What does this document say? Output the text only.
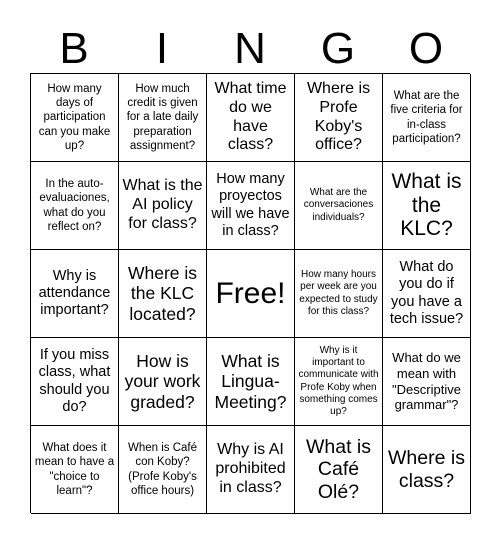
B	I	N	G	O
How many days of participation can you make up?
How much credit is given for a late daily preparation assignment?
What time do we have class?
Where is Profe Koby's office?
What are the five criteria for in-class participation?
In the auto-evaluaciones, what do you reflect on?
What is the AI policy for class?
How many proyectos will we have in class?
What are the conversaciones individuals?
What is the KLC?
Why is attendance important?
Where is the KLC located?
Free!
How many hours per week are you expected to study for this class?
What do you do if you have a tech issue?
If you miss class, what should you do?
How is your work graded?
What is Lingua-Meeting?
Why is it important to communicate with Profe Koby when something comes up?
What do we mean with "Descriptive grammar"?
What does it mean to have a "choice to learn"?
When is Café con Koby? (Profe Koby's office hours)
Why is AI prohibited in class?
What is Café Olé?
Where is class?
